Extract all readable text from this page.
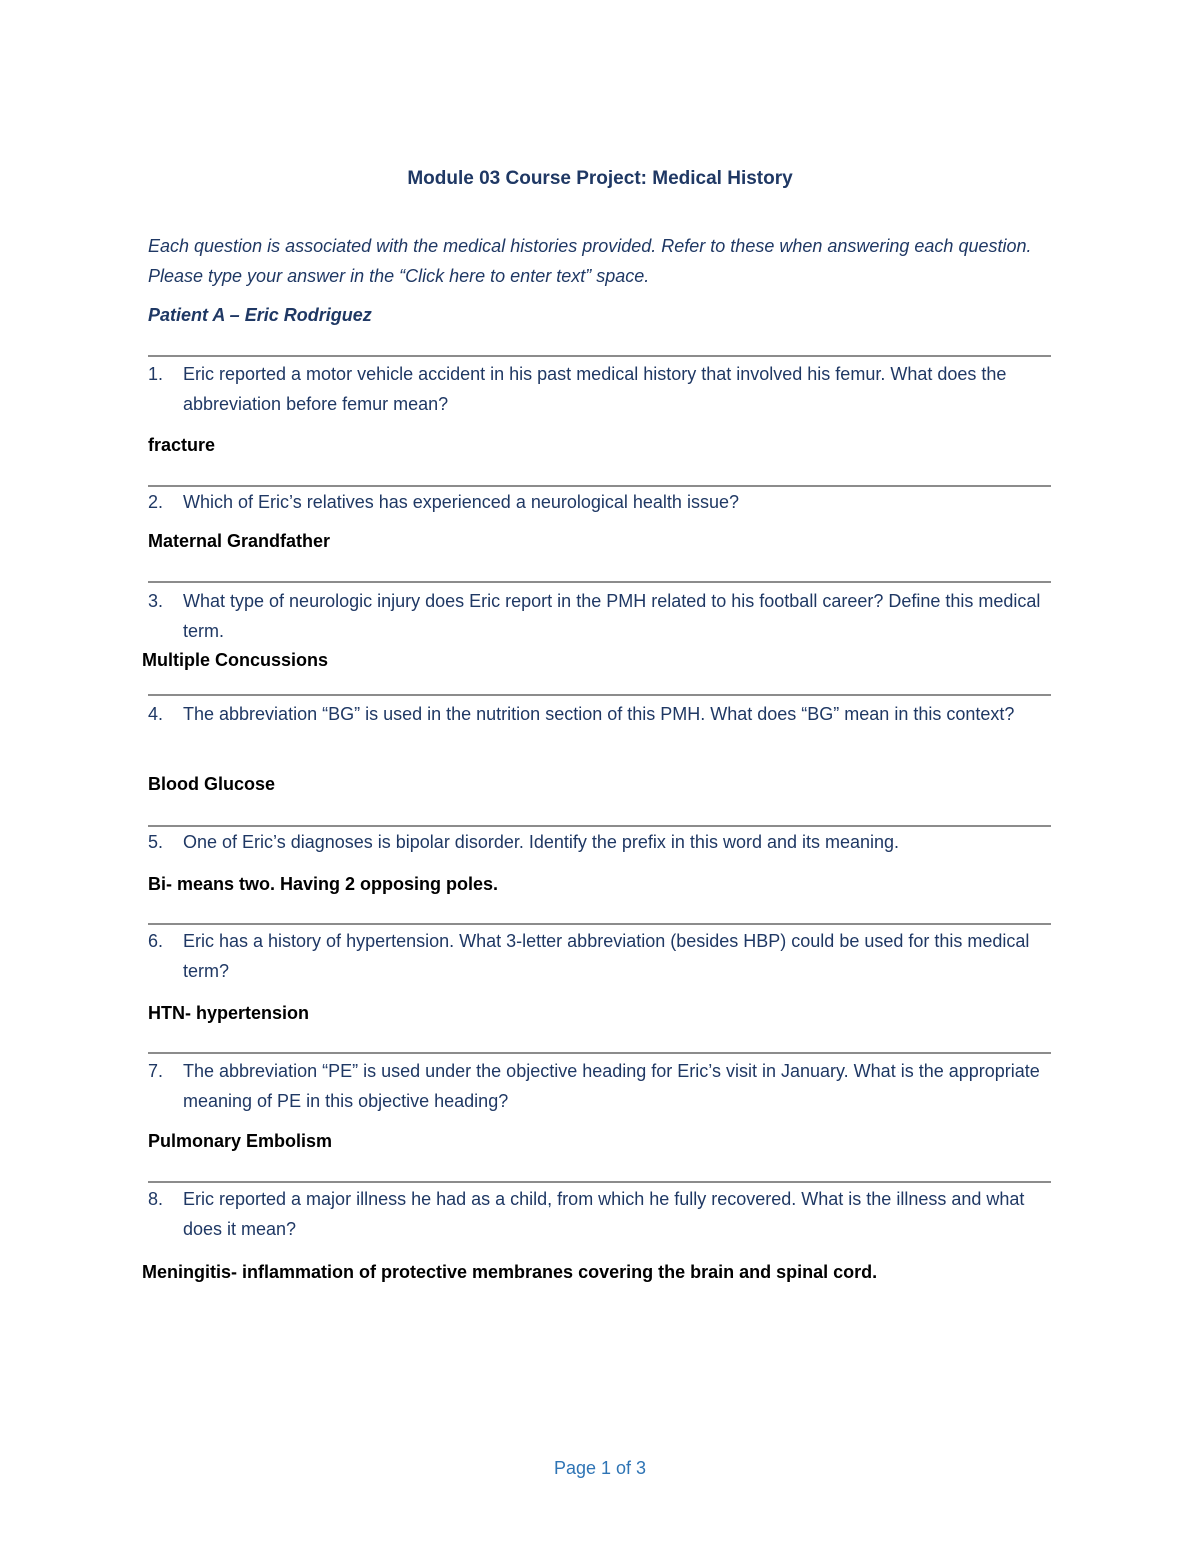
Module 03 Course Project: Medical History
Each question is associated with the medical histories provided. Refer to these when answering each question. Please type your answer in the “Click here to enter text” space.
Patient A – Eric Rodriguez
1.	Eric reported a motor vehicle accident in his past medical history that involved his femur. What does the abbreviation before femur mean?
fracture
2.	Which of Eric’s relatives has experienced a neurological health issue?
Maternal Grandfather
3.	What type of neurologic injury does Eric report in the PMH related to his football career? Define this medical term.
Multiple Concussions
4.	The abbreviation “BG” is used in the nutrition section of this PMH. What does “BG” mean in this context?
Blood Glucose
5.	One of Eric’s diagnoses is bipolar disorder. Identify the prefix in this word and its meaning.
Bi- means two. Having 2 opposing poles.
6.	Eric has a history of hypertension. What 3-letter abbreviation (besides HBP) could be used for this medical term?
HTN- hypertension
7.	The abbreviation “PE” is used under the objective heading for Eric’s visit in January. What is the appropriate meaning of PE in this objective heading?
Pulmonary Embolism
8.	Eric reported a major illness he had as a child, from which he fully recovered. What is the illness and what does it mean?
Meningitis- inflammation of protective membranes covering the brain and spinal cord.
Page 1 of 3
